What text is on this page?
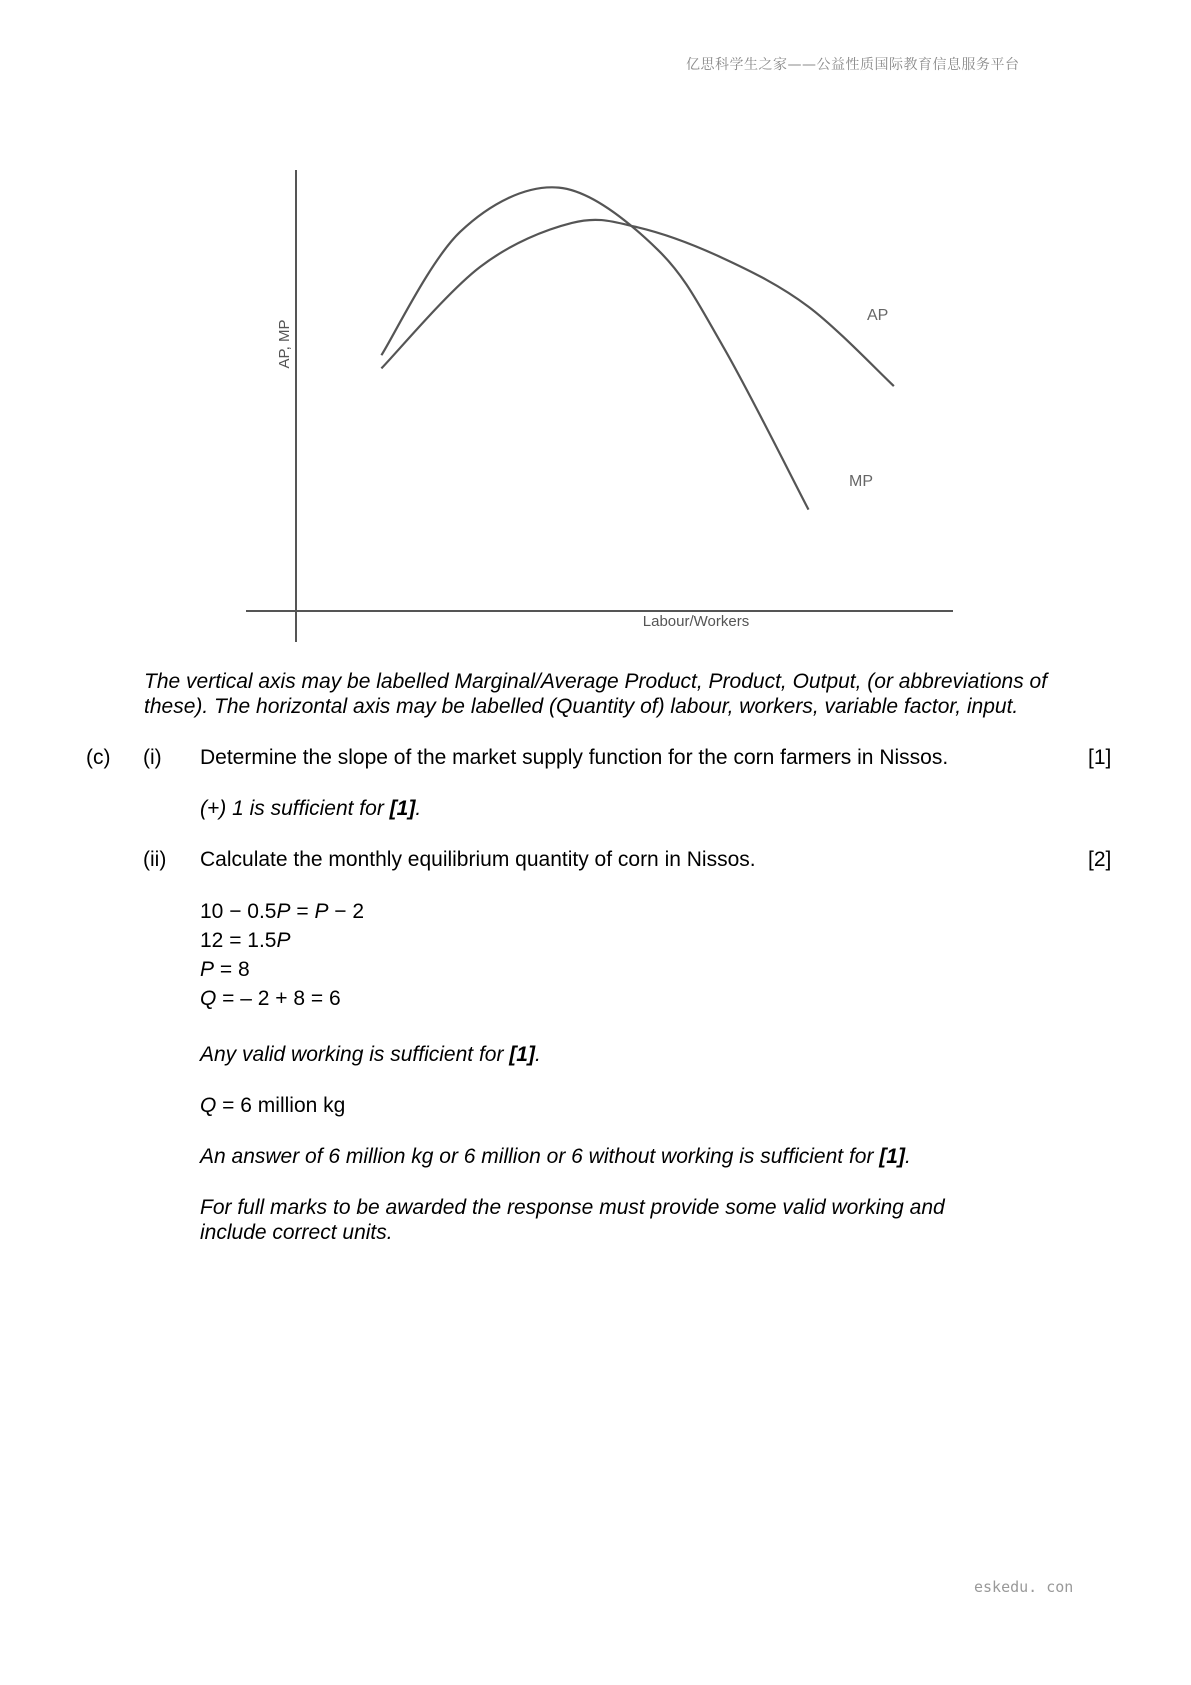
亿思科学生之家——公益性质国际教育信息服务平台
AP, MP
Labour/Workers
AP
MP
The vertical axis may be labelled Marginal/Average Product, Product, Output, (or abbreviations of these). The horizontal axis may be labelled (Quantity of) labour, workers, variable factor, input.
(c) (i) Determine the slope of the market supply function for the corn farmers in Nissos.	[1]
(+) 1 is sufficient for [1].
(ii) Calculate the monthly equilibrium quantity of corn in Nissos.	[2]
10 − 0.5P = P − 2
12 = 1.5P
P = 8
Q = – 2 + 8 = 6
Any valid working is sufficient for [1].
Q = 6 million kg
An answer of 6 million kg or 6 million or 6 without working is sufficient for [1].
For full marks to be awarded the response must provide some valid working and include correct units.
eskedu. con
